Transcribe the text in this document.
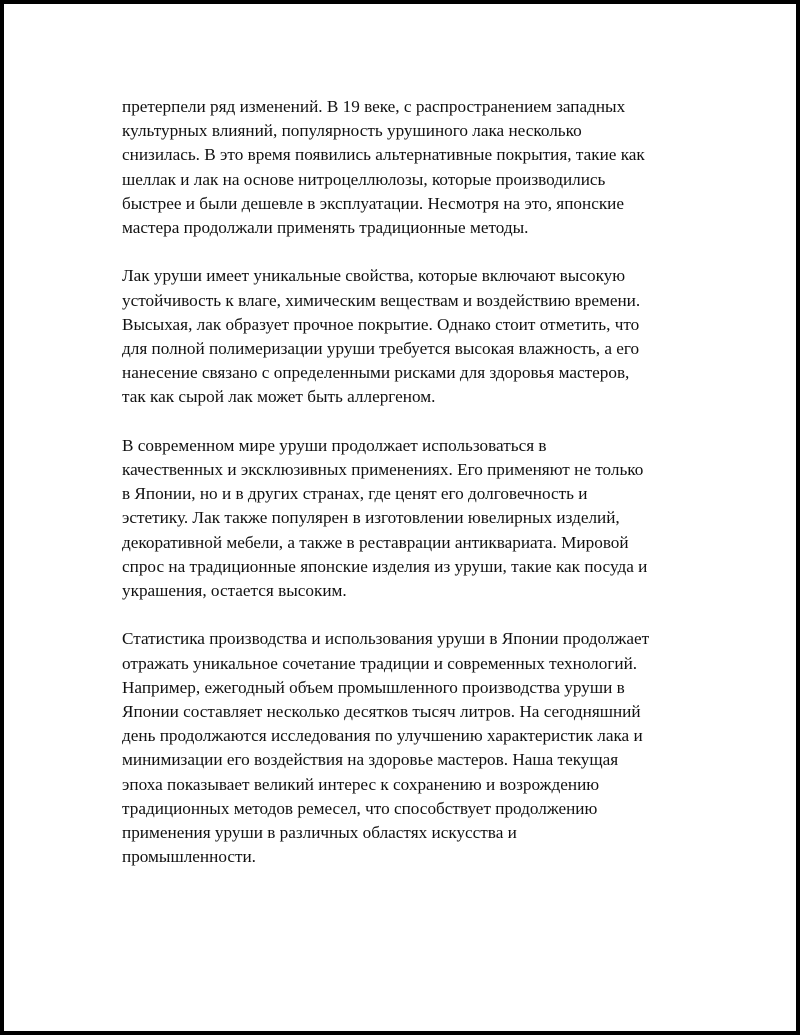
претерпели ряд изменений. В 19 веке, с распространением западных
культурных влияний, популярность урушиного лака несколько
снизилась. В это время появились альтернативные покрытия, такие как
шеллак и лак на основе нитроцеллюлозы, которые производились
быстрее и были дешевле в эксплуатации. Несмотря на это, японские
мастера продолжали применять традиционные методы.

Лак уруши имеет уникальные свойства, которые включают высокую
устойчивость к влаге, химическим веществам и воздействию времени.
Высыхая, лак образует прочное покрытие. Однако стоит отметить, что
для полной полимеризации уруши требуется высокая влажность, а его
нанесение связано с определенными рисками для здоровья мастеров,
так как сырой лак может быть аллергеном.

В современном мире уруши продолжает использоваться в
качественных и эксклюзивных применениях. Его применяют не только
в Японии, но и в других странах, где ценят его долговечность и
эстетику. Лак также популярен в изготовлении ювелирных изделий,
декоративной мебели, а также в реставрации антиквариата. Мировой
спрос на традиционные японские изделия из уруши, такие как посуда и
украшения, остается высоким.

Статистика производства и использования уруши в Японии продолжает
отражать уникальное сочетание традиции и современных технологий.
Например, ежегодный объем промышленного производства уруши в
Японии составляет несколько десятков тысяч литров. На сегодняшний
день продолжаются исследования по улучшению характеристик лака и
минимизации его воздействия на здоровье мастеров. Наша текущая
эпоха показывает великий интерес к сохранению и возрождению
традиционных методов ремесел, что способствует продолжению
применения уруши в различных областях искусства и
промышленности.
